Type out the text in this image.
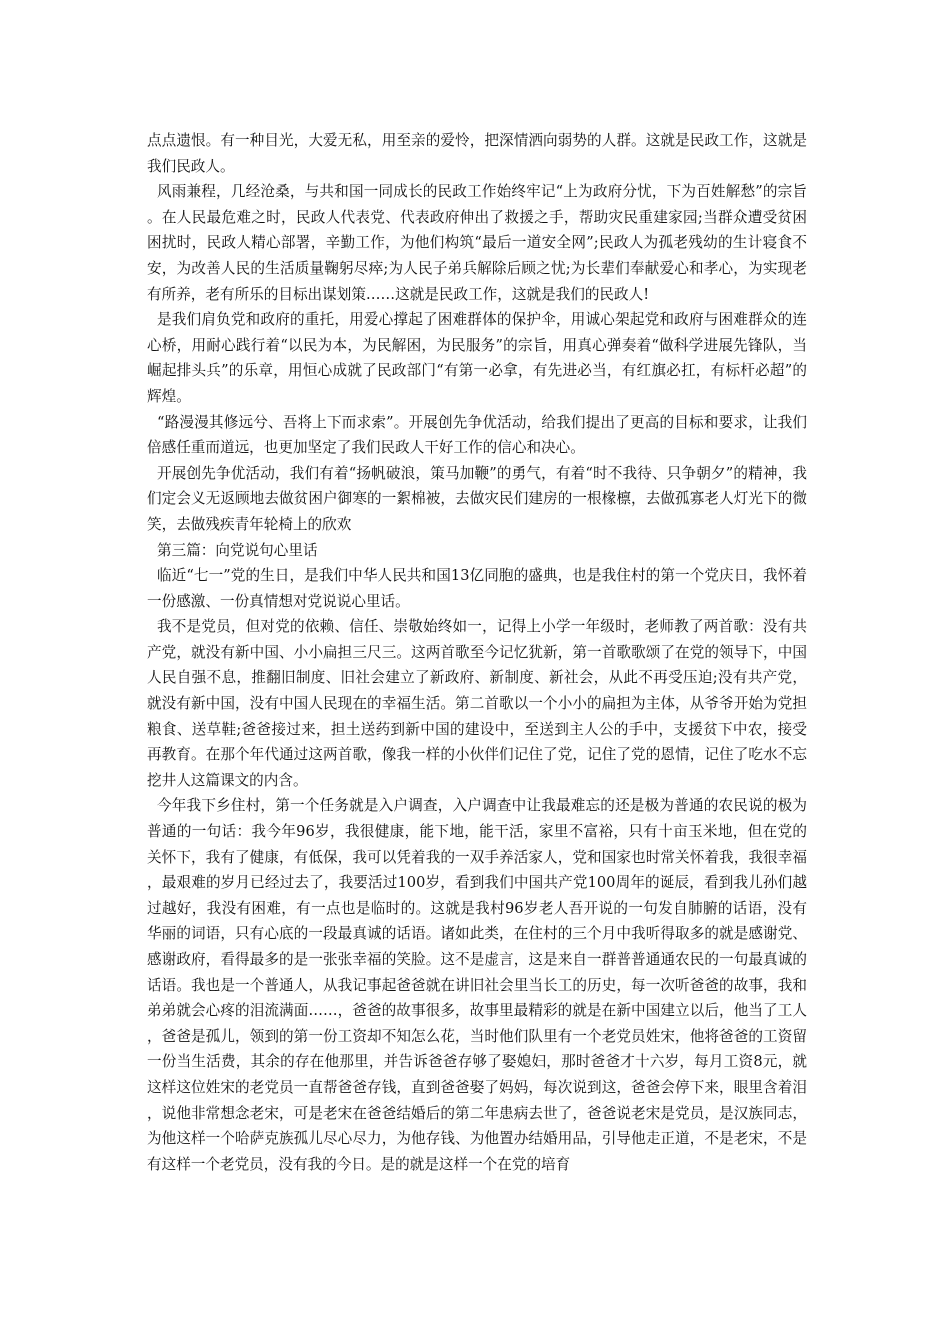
点点遗恨。有一种目光，大爱无私，用至亲的爱怜，把深情洒向弱势的人群。这就是民政工作，这就是我们民政人。

风雨兼程，几经沧桑，与共和国一同成长的民政工作始终牢记“上为政府分忧，下为百姓解愁”的宗旨。在人民最危难之时，民政人代表党、代表政府伸出了救援之手，帮助灾民重建家园;当群众遭受贫困困扰时，民政人精心部署，辛勤工作，为他们构筑“最后一道安全网”;民政人为孤老残幼的生计寝食不安，为改善人民的生活质量鞠躬尽瘁;为人民子弟兵解除后顾之忧;为长辈们奉献爱心和孝心，为实现老有所养，老有所乐的目标出谋划策……这就是民政工作，这就是我们的民政人!

是我们肩负党和政府的重托，用爱心撑起了困难群体的保护伞，用诚心架起党和政府与困难群众的连心桥，用耐心践行着“以民为本，为民解困，为民服务”的宗旨，用真心弹奏着“做科学进展先锋队，当崛起排头兵”的乐章，用恒心成就了民政部门“有第一必拿，有先进必当，有红旗必扛，有标杆必超”的辉煌。

“路漫漫其修远兮、吾将上下而求索”。开展创先争优活动，给我们提出了更高的目标和要求，让我们倍感任重而道远，也更加坚定了我们民政人干好工作的信心和决心。

开展创先争优活动，我们有着“扬帆破浪，策马加鞭”的勇气，有着“时不我待、只争朝夕”的精神，我们定会义无返顾地去做贫困户御寒的一絮棉被，去做灾民们建房的一根椽檩，去做孤寡老人灯光下的微笑，去做残疾青年轮椅上的欣欢

第三篇：向党说句心里话

临近“七一”党的生日，是我们中华人民共和国13亿同胞的盛典，也是我住村的第一个党庆日，我怀着一份感激、一份真情想对党说说心里话。

我不是党员，但对党的依赖、信任、崇敬始终如一，记得上小学一年级时，老师教了两首歌：没有共产党，就没有新中国、小小扁担三尺三。这两首歌至今记忆犹新，第一首歌歌颂了在党的领导下，中国人民自强不息，推翻旧制度、旧社会建立了新政府、新制度、新社会，从此不再受压迫;没有共产党，就没有新中国，没有中国人民现在的幸福生活。第二首歌以一个小小的扁担为主体，从爷爷开始为党担粮食、送草鞋;爸爸接过来，担土送药到新中国的建设中，至送到主人公的手中，支援贫下中农，接受再教育。在那个年代通过这两首歌，像我一样的小伙伴们记住了党，记住了党的恩情，记住了吃水不忘挖井人这篇课文的内含。

今年我下乡住村，第一个任务就是入户调查，入户调查中让我最难忘的还是极为普通的农民说的极为普通的一句话：我今年96岁，我很健康，能下地，能干活，家里不富裕，只有十亩玉米地，但在党的关怀下，我有了健康，有低保，我可以凭着我的一双手养活家人，党和国家也时常关怀着我，我很幸福，最艰难的岁月已经过去了，我要活过100岁，看到我们中国共产党100周年的诞辰，看到我儿孙们越过越好，我没有困难，有一点也是临时的。这就是我村96岁老人吾开说的一句发自肺腑的话语，没有华丽的词语，只有心底的一段最真诚的话语。诸如此类，在住村的三个月中我听得取多的就是感谢党、感谢政府，看得最多的是一张张幸福的笑脸。这不是虚言，这是来自一群普普通通农民的一句最真诚的话语。我也是一个普通人，从我记事起爸爸就在讲旧社会里当长工的历史，每一次听爸爸的故事，我和弟弟就会心疼的泪流满面……，爸爸的故事很多，故事里最精彩的就是在新中国建立以后，他当了工人，爸爸是孤儿，领到的第一份工资却不知怎么花，当时他们队里有一个老党员姓宋，他将爸爸的工资留一份当生活费，其余的存在他那里，并告诉爸爸存够了娶媳妇，那时爸爸才十六岁，每月工资8元，就这样这位姓宋的老党员一直帮爸爸存钱，直到爸爸娶了妈妈，每次说到这，爸爸会停下来，眼里含着泪，说他非常想念老宋，可是老宋在爸爸结婚后的第二年患病去世了，爸爸说老宋是党员，是汉族同志，为他这样一个哈萨克族孤儿尽心尽力，为他存钱、为他置办结婚用品，引导他走正道，不是老宋，不是有这样一个老党员，没有我的今日。是的就是这样一个在党的培育
